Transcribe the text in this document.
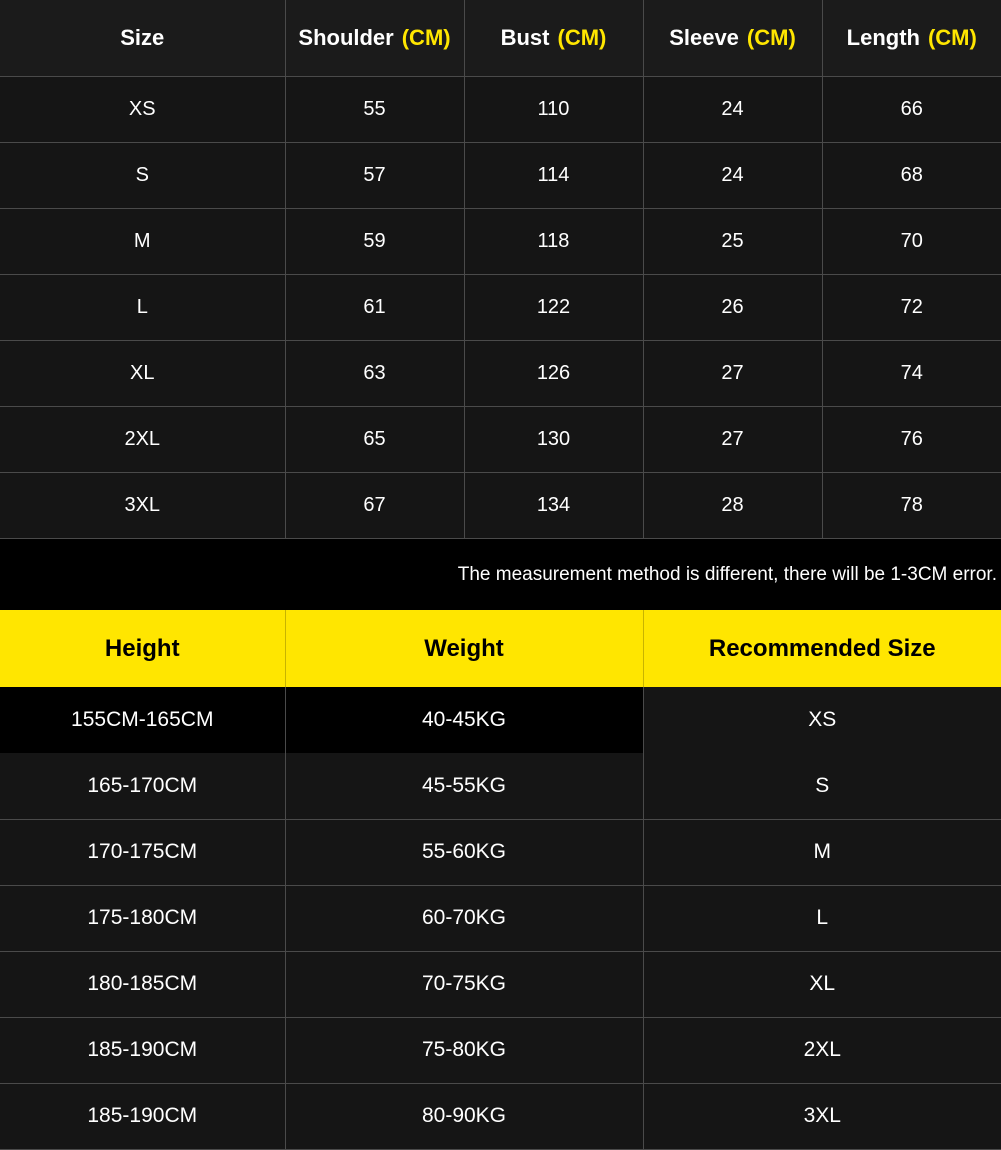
Size	Shoulder (CM)	Bust (CM)	Sleeve (CM)	Length (CM)
XS	55	110	24	66
S	57	114	24	68
M	59	118	25	70
L	61	122	26	72
XL	63	126	27	74
2XL	65	130	27	76
3XL	67	134	28	78
The measurement method is different, there will be 1-3CM error.
Height	Weight	Recommended Size
155CM-165CM	40-45KG	XS
165-170CM	45-55KG	S
170-175CM	55-60KG	M
175-180CM	60-70KG	L
180-185CM	70-75KG	XL
185-190CM	75-80KG	2XL
185-190CM	80-90KG	3XL
